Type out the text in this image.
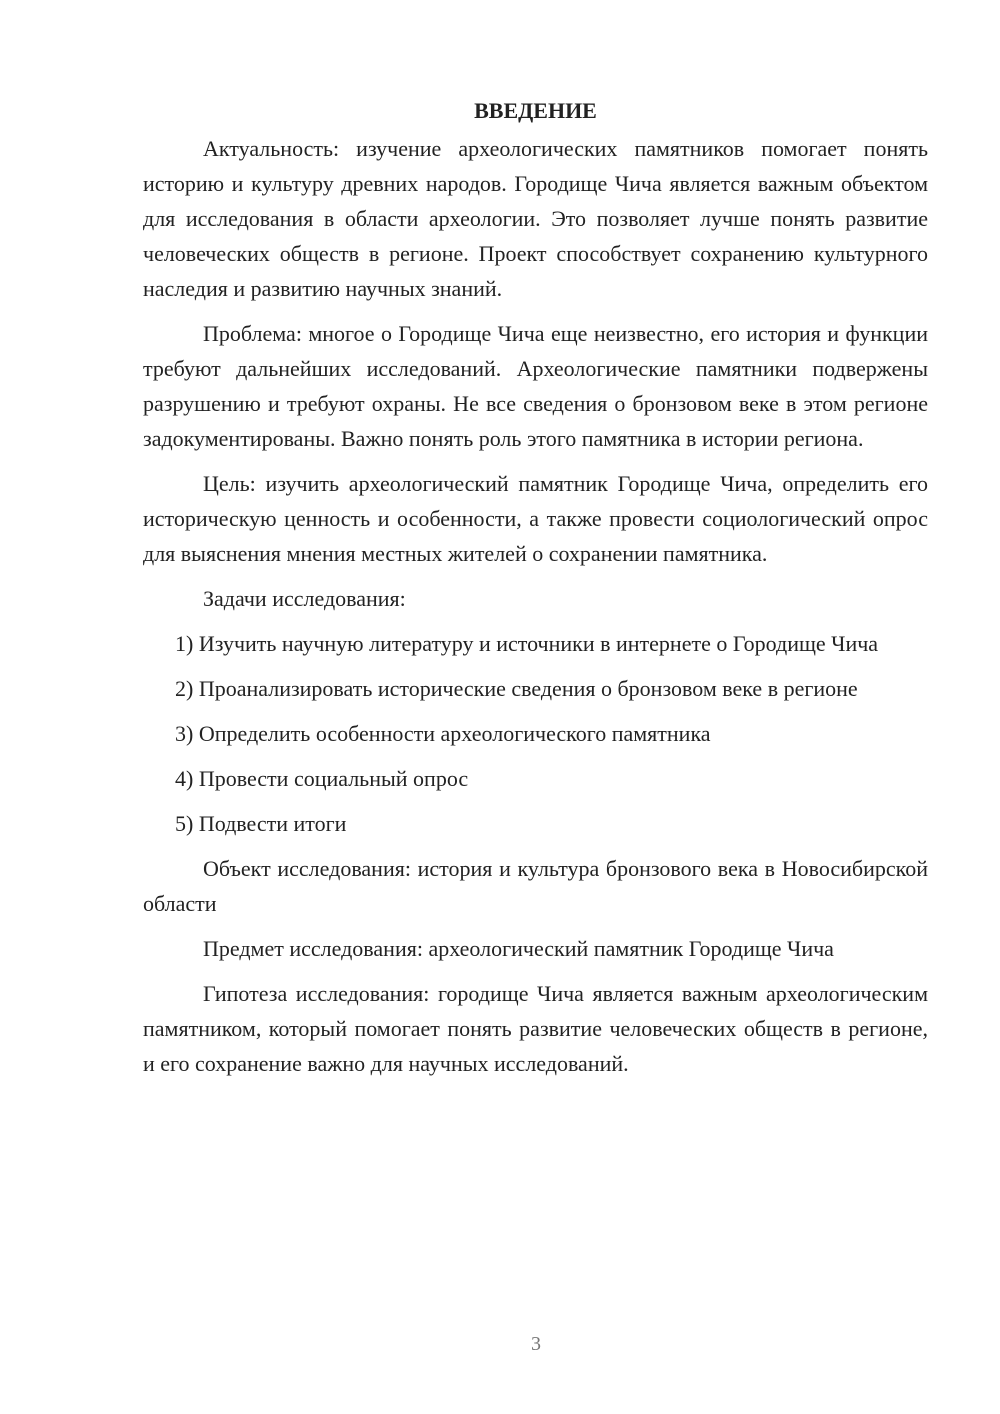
ВВЕДЕНИЕ

Актуальность: изучение археологических памятников помогает понять историю и культуру древних народов. Городище Чича является важным объектом для исследования в области археологии. Это позволяет лучше понять развитие человеческих обществ в регионе. Проект способствует сохранению культурного наследия и развитию научных знаний.

Проблема: многое о Городище Чича еще неизвестно, его история и функции требуют дальнейших исследований. Археологические памятники подвержены разрушению и требуют охраны. Не все сведения о бронзовом веке в этом регионе задокументированы. Важно понять роль этого памятника в истории региона.

Цель: изучить археологический памятник Городище Чича, определить его историческую ценность и особенности, а также провести социологический опрос для выяснения мнения местных жителей о сохранении памятника.

Задачи исследования:

1) Изучить научную литературу и источники в интернете о Городище Чича

2) Проанализировать исторические сведения о бронзовом веке в регионе

3) Определить особенности археологического памятника

4) Провести социальный опрос

5) Подвести итоги

Объект исследования: история и культура бронзового века в Новосибирской области

Предмет исследования: археологический памятник Городище Чича

Гипотеза исследования: городище Чича является важным археологическим памятником, который помогает понять развитие человеческих обществ в регионе, и его сохранение важно для научных исследований.

3
